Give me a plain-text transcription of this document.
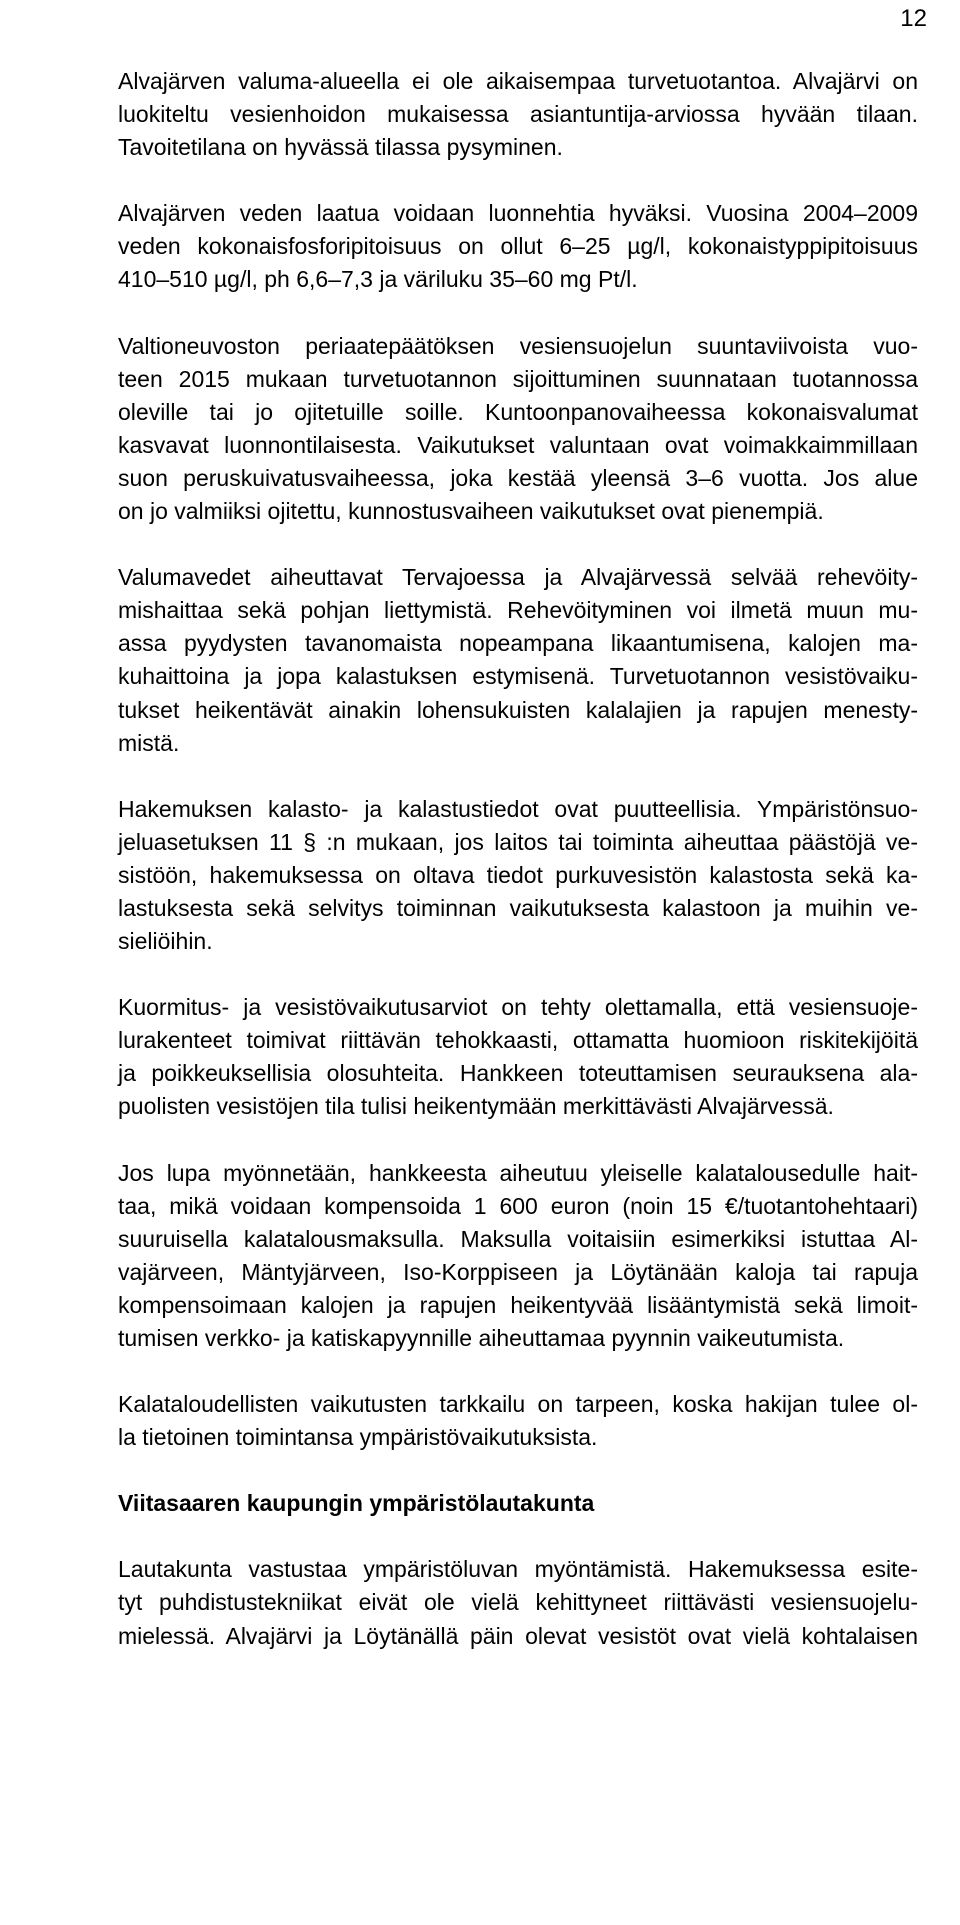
12

Alvajärven valuma-alueella ei ole aikaisempaa turvetuotantoa. Alvajärvi on
luokiteltu vesienhoidon mukaisessa asiantuntija-arviossa hyvään tilaan.
Tavoitetilana on hyvässä tilassa pysyminen.

Alvajärven veden laatua voidaan luonnehtia hyväksi. Vuosina 2004–2009
veden kokonaisfosforipitoisuus on ollut 6–25 µg/l, kokonaistyppipitoisuus
410–510 µg/l, ph 6,6–7,3 ja väriluku 35–60 mg Pt/l.

Valtioneuvoston periaatepäätöksen vesiensuojelun suuntaviivoista vuo-
teen 2015 mukaan turvetuotannon sijoittuminen suunnataan tuotannossa
oleville tai jo ojitetuille soille. Kuntoonpanovaiheessa kokonaisvalumat
kasvavat luonnontilaisesta. Vaikutukset valuntaan ovat voimakkaimmillaan
suon peruskuivatusvaiheessa, joka kestää yleensä 3–6 vuotta. Jos alue
on jo valmiiksi ojitettu, kunnostusvaiheen vaikutukset ovat pienempiä.

Valumavedet aiheuttavat Tervajoessa ja Alvajärvessä selvää rehevöity-
mishaittaa sekä pohjan liettymistä. Rehevöityminen voi ilmetä muun mu-
assa pyydysten tavanomaista nopeampana likaantumisena, kalojen ma-
kuhaittoina ja jopa kalastuksen estymisenä. Turvetuotannon vesistövaiku-
tukset heikentävät ainakin lohensukuisten kalalajien ja rapujen menesty-
mistä.

Hakemuksen kalasto- ja kalastustiedot ovat puutteellisia. Ympäristönsuo-
jeluasetuksen 11 § :n mukaan, jos laitos tai toiminta aiheuttaa päästöjä ve-
sistöön, hakemuksessa on oltava tiedot purkuvesistön kalastosta sekä ka-
lastuksesta sekä selvitys toiminnan vaikutuksesta kalastoon ja muihin ve-
sieliöihin.

Kuormitus- ja vesistövaikutusarviot on tehty olettamalla, että vesiensuoje-
lurakenteet toimivat riittävän tehokkaasti, ottamatta huomioon riskitekijöitä
ja poikkeuksellisia olosuhteita. Hankkeen toteuttamisen seurauksena ala-
puolisten vesistöjen tila tulisi heikentymään merkittävästi Alvajärvessä.

Jos lupa myönnetään, hankkeesta aiheutuu yleiselle kalatalousedulle hait-
taa, mikä voidaan kompensoida 1 600 euron (noin 15 €/tuotantohehtaari)
suuruisella kalatalousmaksulla. Maksulla voitaisiin esimerkiksi istuttaa Al-
vajärveen, Mäntyjärveen, Iso-Korppiseen ja Löytänään kaloja tai rapuja
kompensoimaan kalojen ja rapujen heikentyvää lisääntymistä sekä limoit-
tumisen verkko- ja katiskapyynnille aiheuttamaa pyynnin vaikeutumista.

Kalataloudellisten vaikutusten tarkkailu on tarpeen, koska hakijan tulee ol-
la tietoinen toimintansa ympäristövaikutuksista.

Viitasaaren kaupungin ympäristölautakunta

Lautakunta vastustaa ympäristöluvan myöntämistä. Hakemuksessa esite-
tyt puhdistustekniikat eivät ole vielä kehittyneet riittävästi vesiensuojelu-
mielessä. Alvajärvi ja Löytänällä päin olevat vesistöt ovat vielä kohtalaisen
